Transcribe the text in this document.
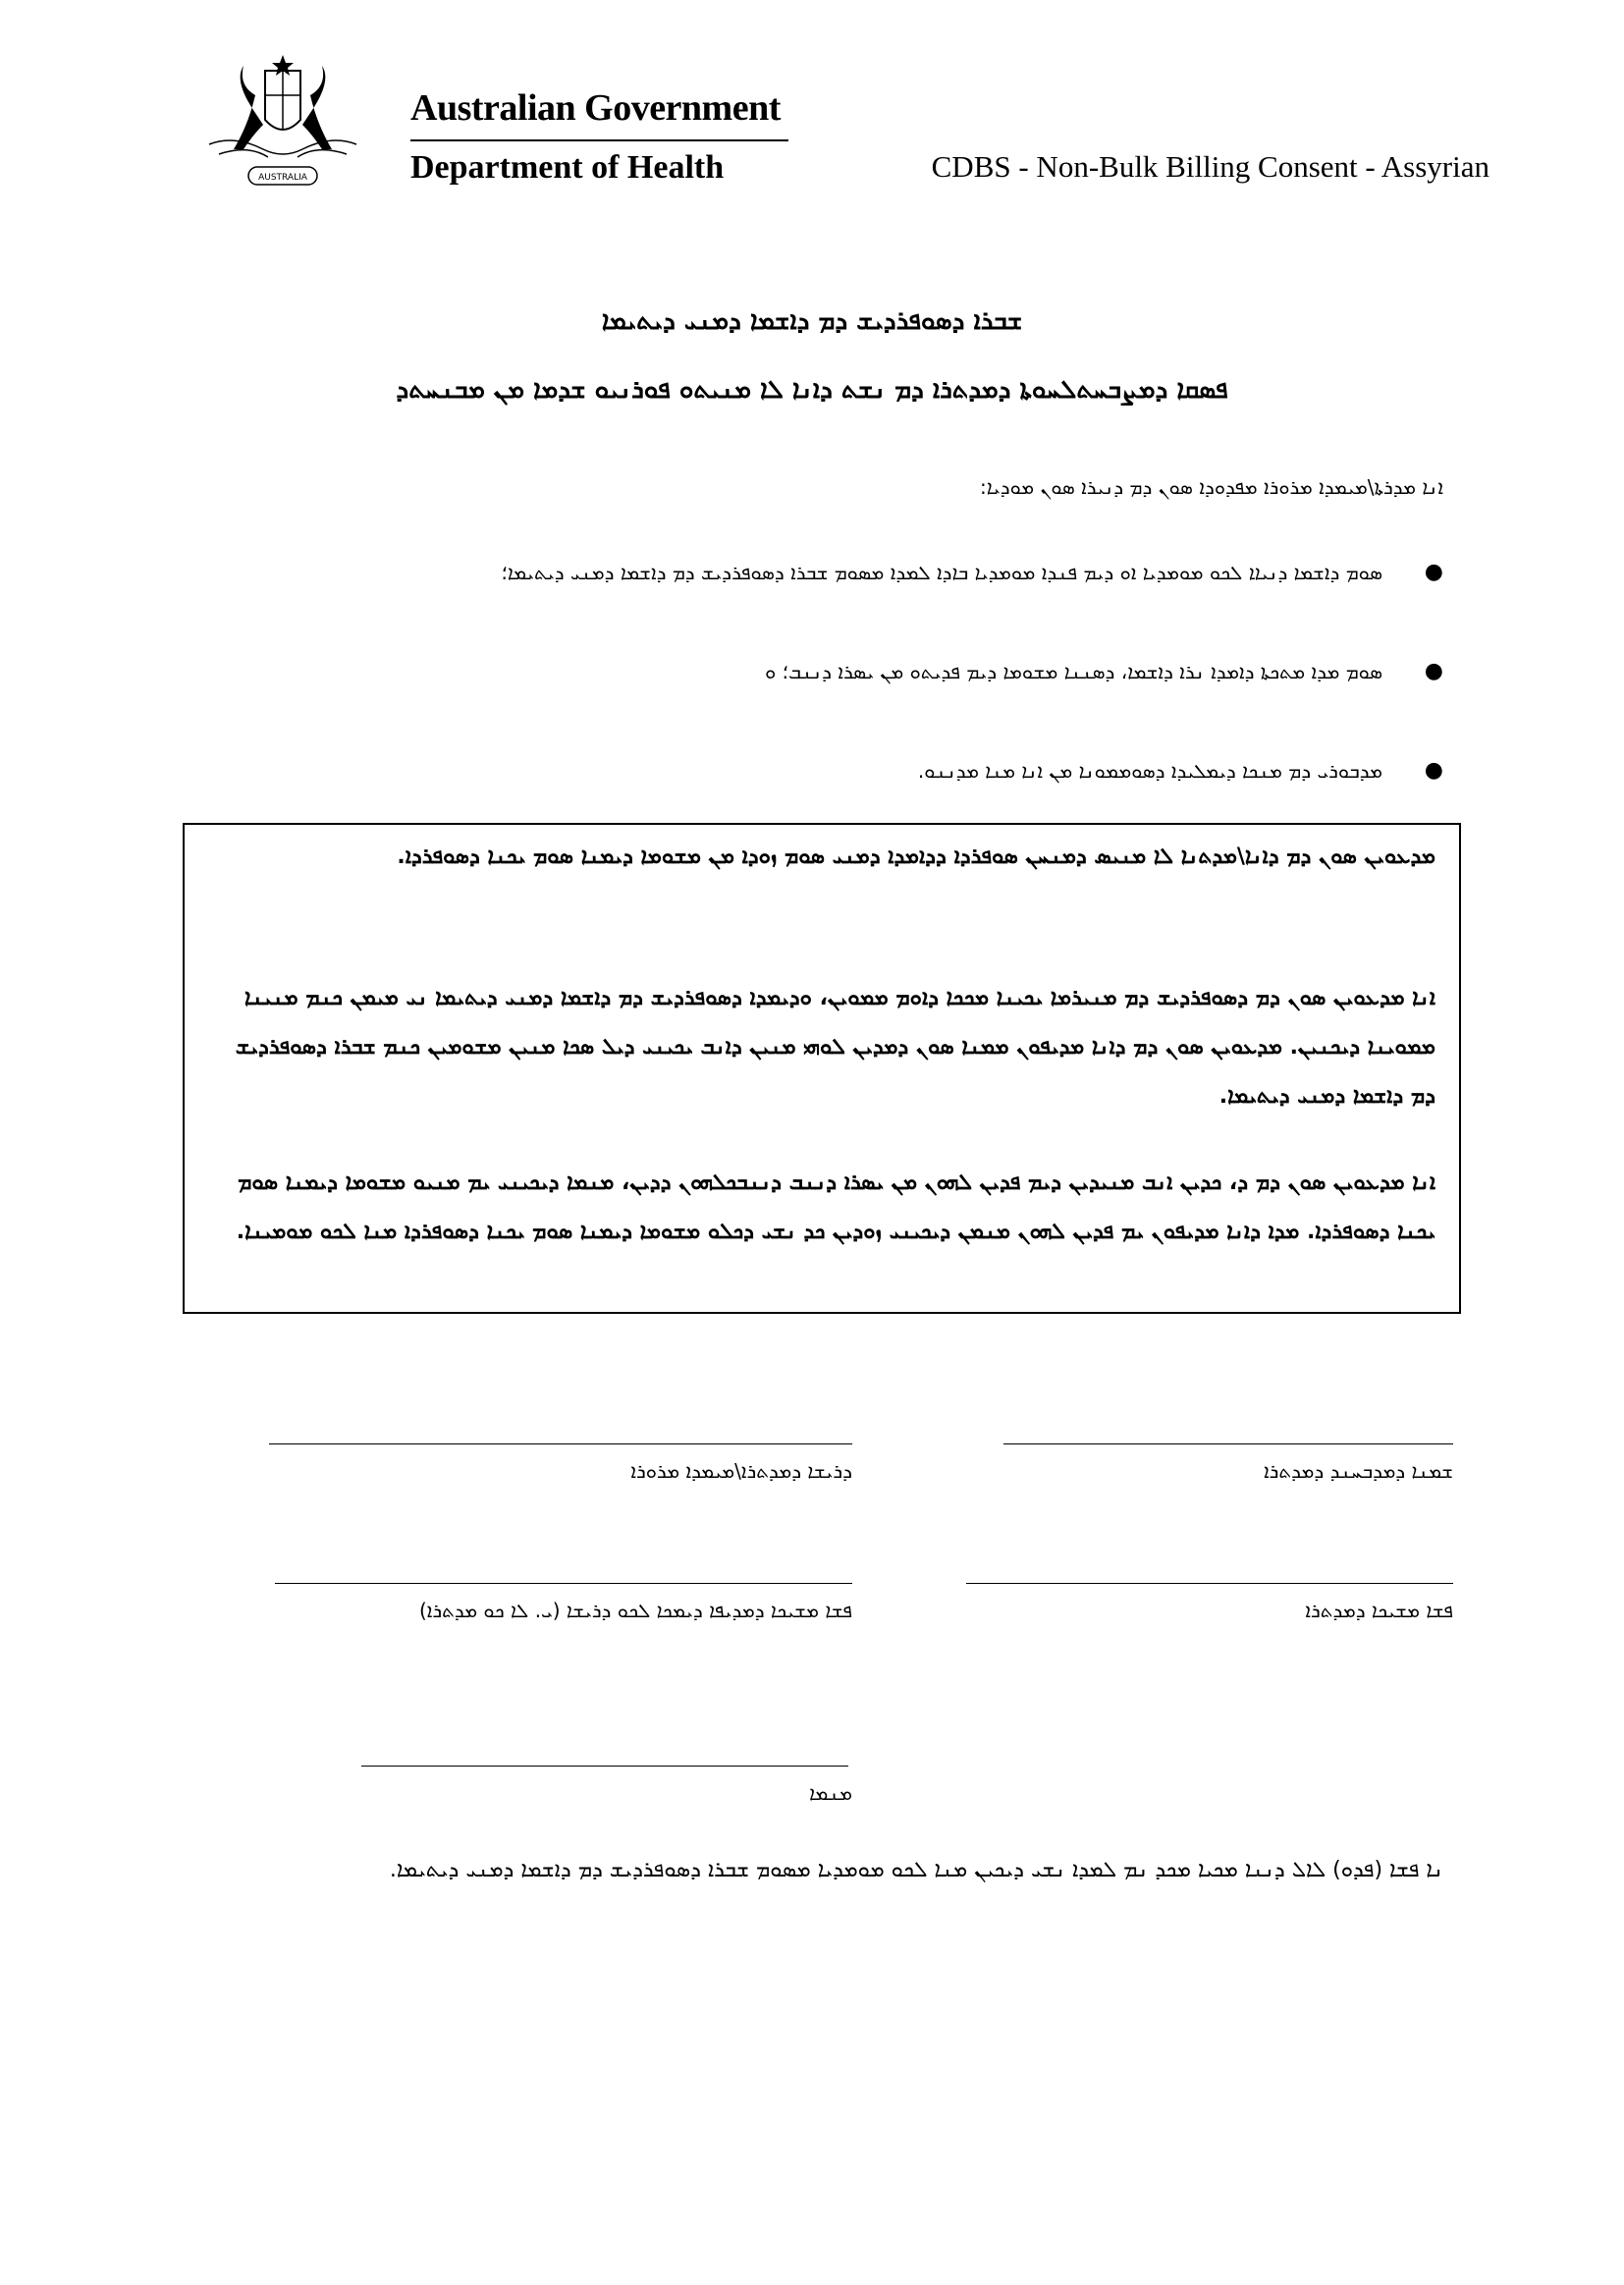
AUSTRALIA
Australian Government
Department of Health	CDBS - Non-Bulk Billing Consent - Assyrian
ܫܒܪܐ ܕܣܘܦܪܕܝܫ ܕܡ ܕܐܫܡܐ ܕܡܢܝ ܕܝܬܝܡܐ
ܦܣܩܐ ܕܡܨܒܚܬܠܚܘܬܐ ܕܡܕܬܪܐ ܕܡ ܢܫܬ ܕܐܢܐ ܠܐ ܡܢܝܬܘ ܦܘܪܢܝܘ ܫܕܡܐ ܡܢ ܡܒܢܚܬܕ
ܐܢܐ ܡܕܪܬܐ\ܡܝܡܕܐ ܡܪܘܪܐ ܡܦܕܘܕܐ ܣܘܢ ܕܡ ܕܢܝܪܐ ܣܘܢ ܡܘܕܝܐ:
●
ܣܘܡ ܕܐܫܡܐ ܕܢܝܐܐ ܠܟܘ ܡܘܡܕܝܐ ܐܘ ܕܝܡ ܦܢܕܐ ܡܘܡܕܝܐ ܒܐܕܐ ܠܡܕܐ ܡܣܘܡ ܫܒܪܐ ܕܣܘܦܪܕܝܫ ܕܡ ܕܐܫܡܐ ܕܡܢܝ ܕܝܬܝܡܐ؛
●
ܣܘܡ ܡܕܐ ܡܬܟܬܐ ܕܐܡܕܐ ܢܪܐ ܕܐܫܡܐ، ܕܣܢܢܐ ܡܫܘܡܐ ܕܝܡ ܦܕܝܬܘ ܡܢ ܝܣܪܐ ܕܢܢܒ؛ ܘ
●
ܡܕܒܘܪܝ ܕܡ ܡܢܟܐ ܕܝܡܠܝܕܐ ܕܣܘܡܡܘܢܐ ܡܢ ܐܢܐ ܡܢܐ ܡܕܢܢܘ.
ܡܕܥܘܝܢ ܣܘܢ ܕܡ ܕܐܢܐ\ܡܕܬܢܐ ܠܐ ܡܢܝܣ ܕܡܢܚܢ ܣܘܦܪܕܐ ܕܕܐܡܕܐ ܕܡܢܝ ܣܘܡ ܙܘܕܐ ܡܢ ܡܫܘܡܐ ܕܝܡܢܐ ܣܘܡ ܝܟܢܐ ܕܣܘܦܪܕܐ.
ܐܢܐ ܡܕܥܘܝܢ ܣܘܢ ܕܡ ܕܣܘܦܪܕܝܫ ܕܡ ܡܢܝܪܡܐ ܝܟܝܢܐ ܡܟܟܐ ܕܐܘܡ ܡܡܘܝܢ، ܘܕܝܡܕܐ ܕܣܘܦܪܕܝܫ ܕܡ ܕܐܫܡܐ ܕܡܢܝ ܕܝܬܝܡܐ ܢܝ ܡܝܡܢ ܟܢܡ ܡܢܝܢܐ ܡܡܘܝܢܐ ܕܝܟܢܝܢ. ܡܕܥܘܝܢ ܣܘܢ ܕܡ ܕܐܢܐ ܡܕܝܦܘܢ ܡܡܢܐ ܣܘܢ ܕܡܕܝܢ ܠܘܗܝ ܡܢܝܢ ܕܐܢܒ ܝܟܝܢܝ ܕܝܠ ܣܟܐ ܡܢܝܢ ܡܫܘܡܝܢ ܟܢܡ ܫܒܪܐ ܕܣܘܦܪܕܝܫ ܕܡ ܕܐܫܡܐ ܕܡܢܝ ܕܝܬܝܡܐ.
ܐܢܐ ܡܕܥܘܝܢ ܣܘܢ ܕܡ ܕ، ܟܕܝܢ ܐܢܒ ܡܢܝܕܝܢ ܕܝܡ ܦܕܝܢ ܠܗܘܢ ܡܢ ܝܣܪܐ ܕܢܢܒ ܕܢܢܒܟܠܗܘܢ ܕܕܝܢ، ܡܢܡܐ ܕܝܟܝܢܝ ܝܡ ܡܢܝܘ ܡܫܘܡܐ ܕܝܡܢܐ ܣܘܡ ܝܟܢܐ ܕܣܘܦܪܕܐ. ܡܕܐ ܕܐܢܐ ܡܕܝܦܘܢ ܝܡ ܦܕܝܢ ܠܗܘܢ ܡܢܡܢ ܕܝܟܝܢܝ ܙܘܕܝܢ ܟܕ ܢܫܝ ܕܟܠܘ ܡܫܘܡܐ ܕܝܡܢܐ ܣܘܡ ܝܟܢܐ ܕܣܘܦܪܕܐ ܡܢܐ ܠܟܘ ܡܘܡܝܢܐ.
ܕܪܝܫܐ ܕܡܕܬܪܐ\ܡܝܡܕܐ ܡܪܘܪܐ	ܫܡܢܐ ܕܡܕܒܚܢܕ ܕܡܕܬܪܐ
ܦܫܐ ܡܫܝܟܐ ܕܡܕܝܦܐ ܕܝܡܟܐ ܠܟܘ ܕܪܝܫܐ (ܝ. ܠܐ ܟܘ ܡܕܬܪܐ)	ܦܫܐ ܡܫܝܟܐ ܕܡܕܬܪܐ
ܡܢܡܐ
ܢܐ ܦܫܐ (ܦܕܘ) ܠܐܠ ܕܢܢܐ ܡܟܝܐ ܡܟܕ ܢܡ ܠܡܕܐ ܢܫܝ ܕܝܟܝܢ ܡܢܐ ܠܟܘ ܡܘܡܕܝܐ ܡܣܘܡ ܫܒܪܐ ܕܣܘܦܪܕܝܫ ܕܡ ܕܐܫܡܐ ܕܡܢܝ ܕܝܬܝܡܐ.
